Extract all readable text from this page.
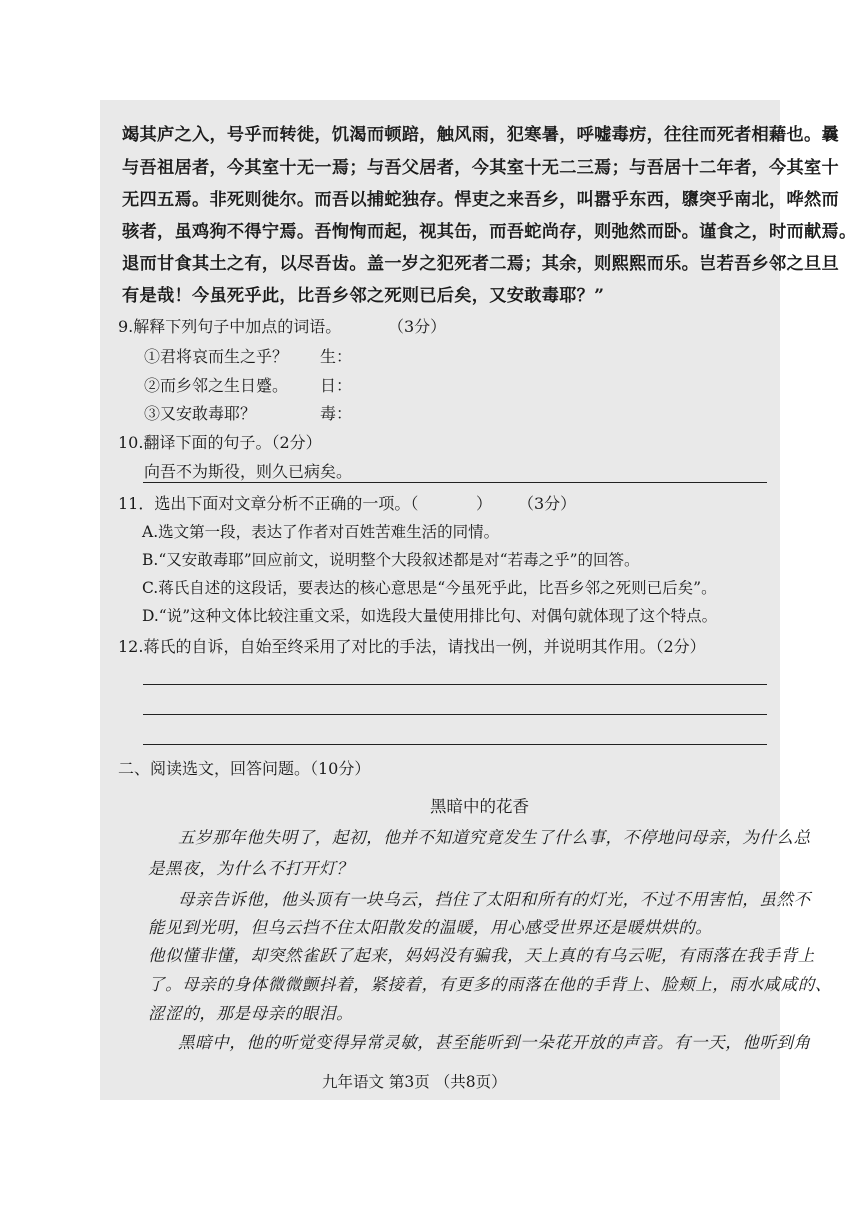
竭其庐之入，号乎而转徙，饥渴而顿踣，触风雨，犯寒暑，呼嘘毒疠，往往而死者相藉也。曩
与吾祖居者，今其室十无一焉；与吾父居者，今其室十无二三焉；与吾居十二年者，今其室十
无四五焉。非死则徙尔。而吾以捕蛇独存。悍吏之来吾乡，叫嚣乎东西，隳突乎南北，哗然而
骇者，虽鸡狗不得宁焉。吾恂恂而起，视其缶，而吾蛇尚存，则弛然而卧。谨食之，时而献焉。
退而甘食其土之有，以尽吾齿。盖一岁之犯死者二焉；其余，则熙熙而乐。岂若吾乡邻之旦旦
有是哉！今虽死乎此，比吾乡邻之死则已后矣，又安敢毒耶？”
9.解释下列句子中加点的词语。	（3分）
①君将哀而生之乎？ 生：
②而乡邻之生日蹙。 日：
③又安敢毒耶？	毒：
10.翻译下面的句子。（2分）
向吾不为斯役，则久已病矣。
11．选出下面对文章分析不正确的一项。（	） （3分）
A.选文第一段，表达了作者对百姓苦难生活的同情。
B.“又安敢毒耶”回应前文，说明整个大段叙述都是对“若毒之乎”的回答。
C.蒋氏自述的这段话，要表达的核心意思是“今虽死乎此，比吾乡邻之死则已后矣”。
D.“说”这种文体比较注重文采，如选段大量使用排比句、对偶句就体现了这个特点。
12.蒋氏的自诉，自始至终采用了对比的手法，请找出一例，并说明其作用。（2分）
二、阅读选文，回答问题。（10分）
黑暗中的花香
五岁那年他失明了，起初，他并不知道究竟发生了什么事，不停地问母亲，为什么总
是黑夜，为什么不打开灯？
母亲告诉他，他头顶有一块乌云，挡住了太阳和所有的灯光，不过不用害怕，虽然不
能见到光明，但乌云挡不住太阳散发的温暖，用心感受世界还是暖烘烘的。
他似懂非懂，却突然雀跃了起来，妈妈没有骗我，天上真的有乌云呢，有雨落在我手背上
了。母亲的身体微微颤抖着，紧接着，有更多的雨落在他的手背上、脸颊上，雨水咸咸的、
涩涩的，那是母亲的眼泪。
黑暗中，他的听觉变得异常灵敏，甚至能听到一朵花开放的声音。有一天，他听到角
九年语文 第3页 （共8页）
